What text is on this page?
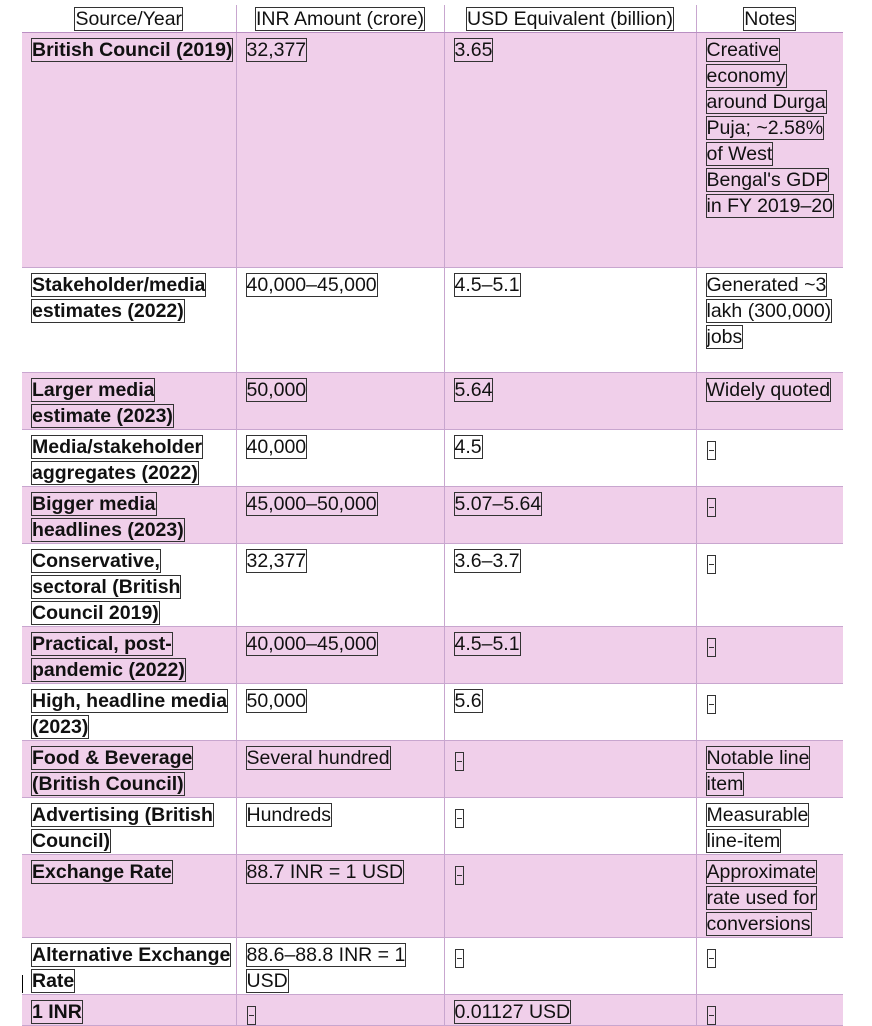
Source/Year	INR Amount (crore)	USD Equivalent (billion)	Notes
British Council (2019)	32,377	3.65	Creative economy around Durga Puja; ~2.58% of West Bengal's GDP in FY 2019–20
Stakeholder/media estimates (2022)	40,000–45,000	4.5–5.1	Generated ~3 lakh (300,000) jobs
Larger media estimate (2023)	50,000	5.64	Widely quoted
Media/stakeholder aggregates (2022)	40,000	4.5	
Bigger media headlines (2023)	45,000–50,000	5.07–5.64	
Conservative, sectoral (British Council 2019)	32,377	3.6–3.7	
Practical, post-pandemic (2022)	40,000–45,000	4.5–5.1	
High, headline media (2023)	50,000	5.6	
Food & Beverage (British Council)	Several hundred		Notable line item
Advertising (British Council)	Hundreds		Measurable line-item
Exchange Rate	88.7 INR = 1 USD		Approximate rate used for conversions
Alternative Exchange Rate	88.6–88.8 INR = 1 USD		
1 INR		0.01127 USD	
